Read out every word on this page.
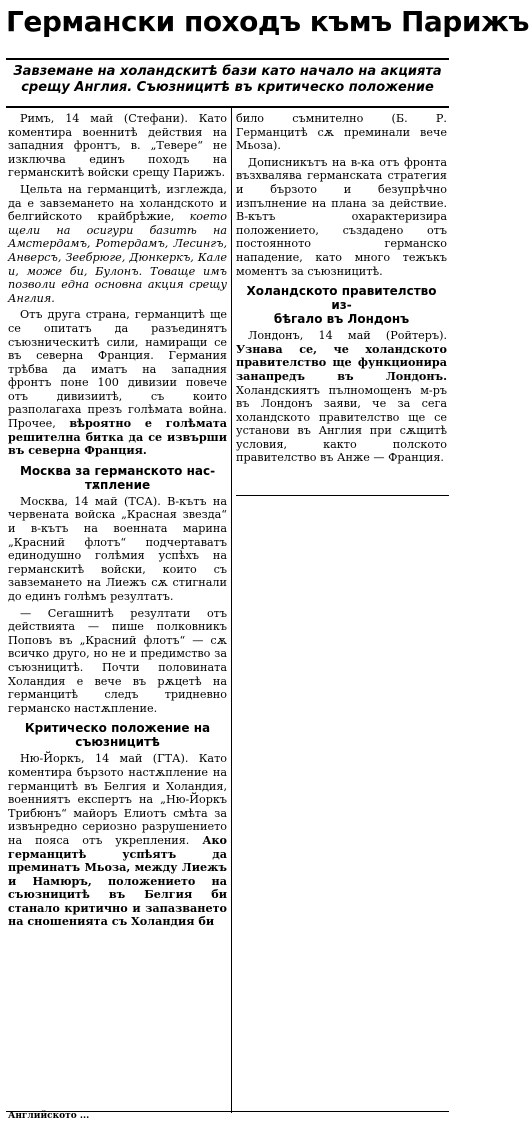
Германски походъ къмъ Парижъ
Завземане на холандскитѣ бази като начало на акцията срещу Англия. Съюзницитѣ въ критическо положение

Римъ, 14 май (Стефани). Като коментира военнитѣ действия на западния фронтъ, в. „Тевере“ не изключва единъ походъ на германскитѣ войски срещу Парижъ.

Цельта на германцитѣ, изглежда, да е завземането на холандското и белгийското крайбрѣжие, което щели на осигури базитѣ на Амстердамъ, Ротердамъ, Лесингъ, Анверсъ, Зеебрюге, Дюнкеркъ, Кале и, може би, Булонъ. Товаще имъ позволи една основна акция срещу Англия.

Отъ друга страна, германцитѣ ще се опитатъ да разъединятъ съюзническитѣ сили, намиращи се въ северна Франция. Германия трѣбва да иматъ на западния фронтъ поне 100 дивизии повече отъ дивизиитѣ, съ които разполагаха презъ голѣмата война. Прочее, вѣроятно е голѣмата решителна битка да се извърши въ северна Франция.

Москва за германското нас-
тѫпление

Москва, 14 май (ТСА). В-кътъ на червената войска „Красная звезда“ и в-кътъ на военната марина „Красний флотъ“ подчертаватъ единодушно голѣмия успѣхъ на германскитѣ войски, които съ завземането на Лиежъ сѫ стигнали до единъ голѣмъ резултатъ.

— Сегашнитѣ резултати отъ действията — пише полковникъ Поповъ въ „Красний флотъ“ — сѫ всичко друго, но не и предимство за съюзницитѣ. Почти половината Холандия е вече въ рѫцетѣ на германцитѣ следъ тридневно германско настѫпление.

Критическо положение на
съюзницитѣ

Ню-Йоркъ, 14 май (ГТА). Като коментира бързото настѫпление на германцитѣ въ Белгия и Холандия, военниятъ експертъ на „Ню-Йоркъ Трибюнъ“ майоръ Елиотъ смѣта за извънредно сериозно разрушението на пояса отъ укрепления. Ако германцитѣ успѣятъ да преминатъ Мьоза, между Лиежъ и Намюръ, положението на съюзницитѣ въ Белгия би станало критично и запазването на сношенията съ Холандия би

било съмнително (Б. Р. Германцитѣ сѫ преминали вече Мьоза).

Дописникътъ на в-ка отъ фронта възхвалява германската стратегия и бързото и безупрѣчно изпълнение на плана за действие. В-кътъ охарактеризира положението, създадено отъ постоянното германско нападение, като много тежъкъ моментъ за съюзницитѣ.

Холандското правителство из-
бѣгало въ Лондонъ

Лондонъ, 14 май (Ройтеръ). Узнава се, че холандското правителство ще функционира занапредъ въ Лондонъ. Холандскиятъ пълномощенъ м-ръ въ Лондонъ заяви, че за сега холандското правителство ще се установи въ Англия при сѫщитѣ условия, както полското правителство въ Анже — Франция.

Английското ...
